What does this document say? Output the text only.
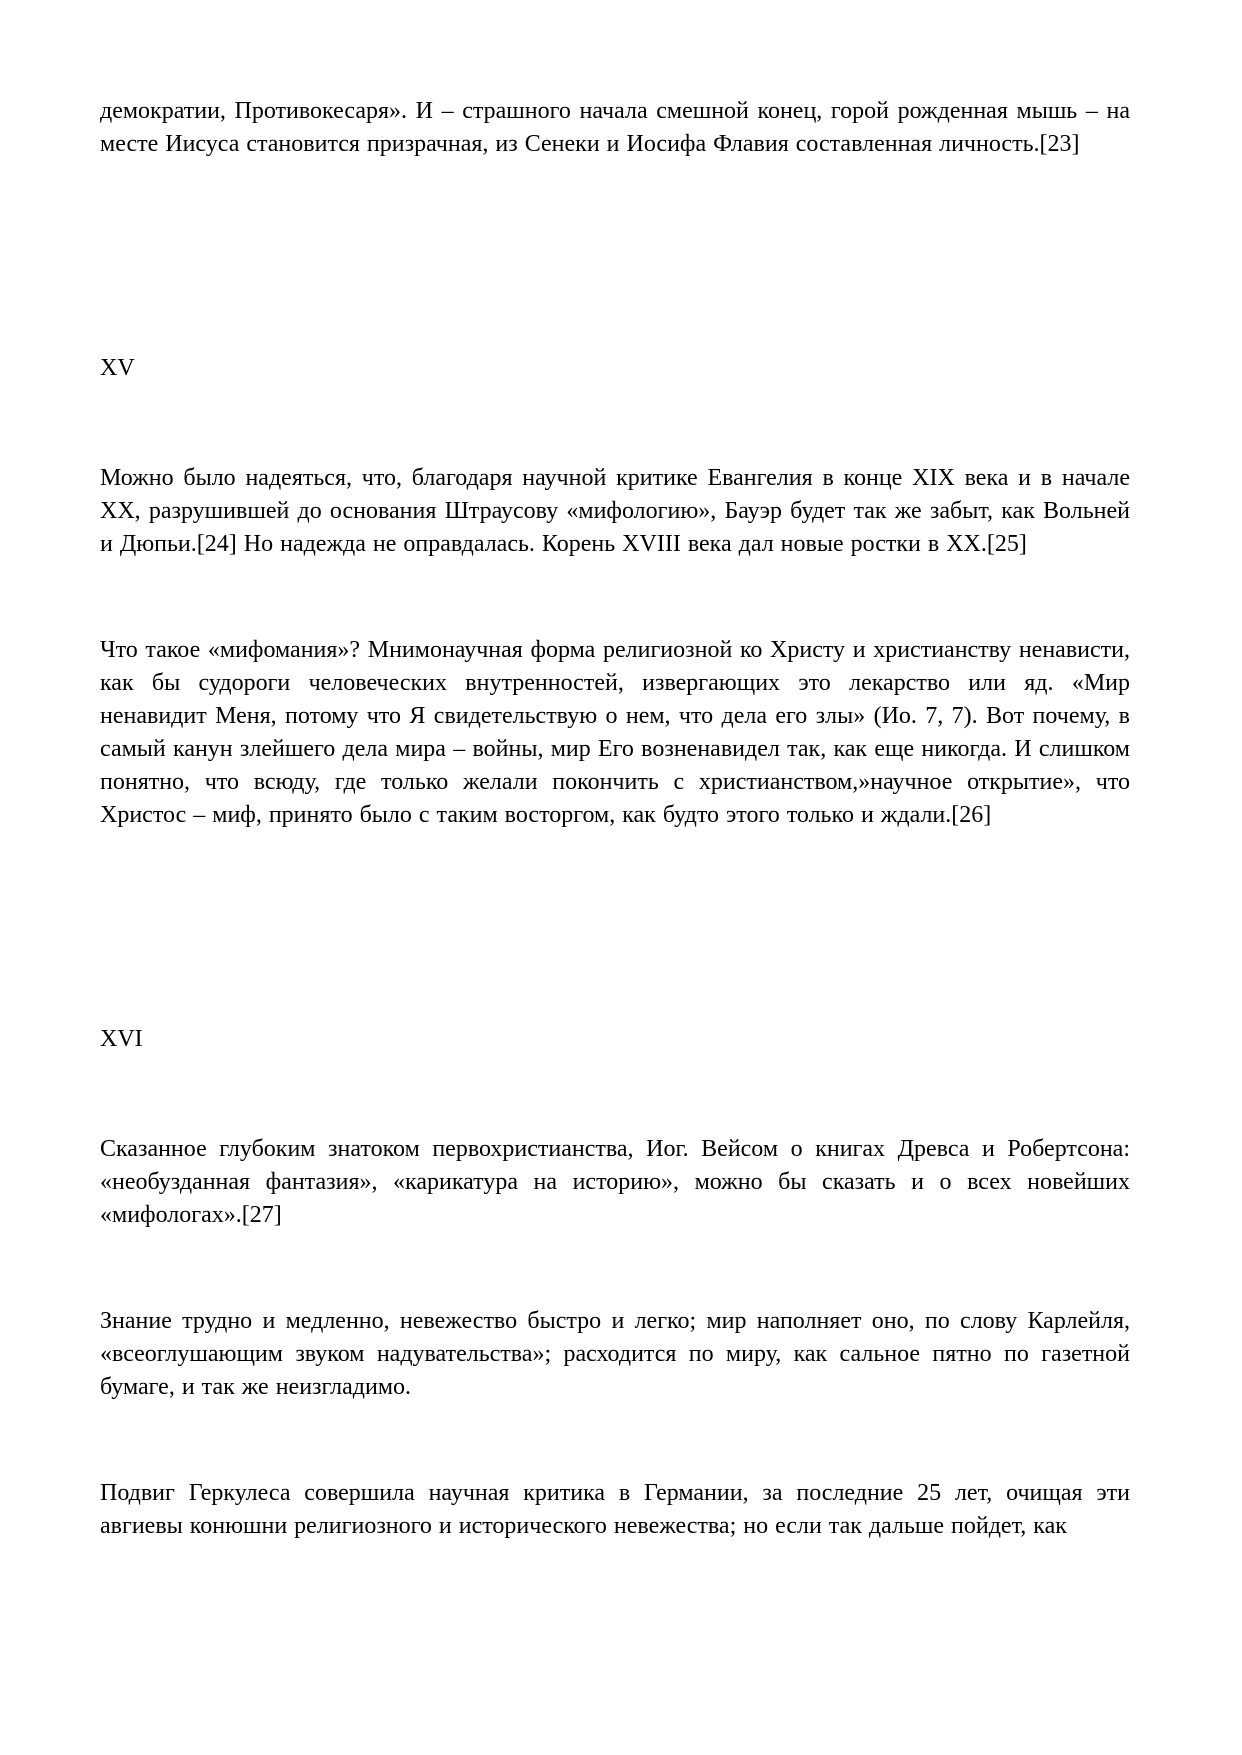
демократии, Противокесаря». И – страшного начала смешной конец, горой рожденная мышь – на месте Иисуса становится призрачная, из Сенеки и Иосифа Флавия составленная личность.[23]

XV

Можно было надеяться, что, благодаря научной критике Евангелия в конце XIX века и в начале XX, разрушившей до основания Штраусову «мифологию», Бауэр будет так же забыт, как Вольней и Дюпьи.[24] Но надежда не оправдалась. Корень XVIII века дал новые ростки в XX.[25]

Что такое «мифомания»? Мнимонаучная форма религиозной ко Христу и христианству ненависти, как бы судороги человеческих внутренностей, извергающих это лекарство или яд. «Мир ненавидит Меня, потому что Я свидетельствую о нем, что дела его злы» (Ио. 7, 7). Вот почему, в самый канун злейшего дела мира – войны, мир Его возненавидел так, как еще никогда. И слишком понятно, что всюду, где только желали покончить с христианством,»научное открытие», что Христос – миф, принято было с таким восторгом, как будто этого только и ждали.[26]

XVI

Сказанное глубоким знатоком первохристианства, Иог. Вейсом о книгах Древса и Робертсона: «необузданная фантазия», «карикатура на историю», можно бы сказать и о всех новейших «мифологах».[27]

Знание трудно и медленно, невежество быстро и легко; мир наполняет оно, по слову Карлейля, «всеоглушающим звуком надувательства»; расходится по миру, как сальное пятно по газетной бумаге, и так же неизгладимо.

Подвиг Геркулеса совершила научная критика в Германии, за последние 25 лет, очищая эти авгиевы конюшни религиозного и исторического невежества; но если так дальше пойдет, как
